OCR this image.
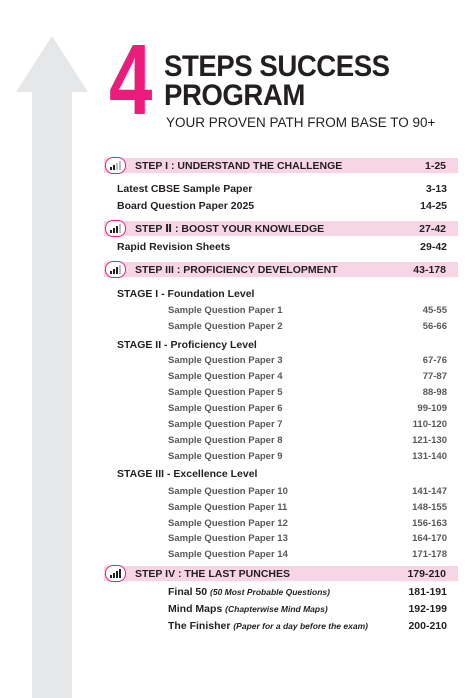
4 STEPS SUCCESS
PROGRAM
YOUR PROVEN PATH FROM BASE TO 90+
STEP I : UNDERSTAND THE CHALLENGE	1-25
Latest CBSE Sample Paper	3-13
Board Question Paper 2025	14-25
STEP Ⅱ : BOOST YOUR KNOWLEDGE	27-42
Rapid Revision Sheets	29-42
STEP III : PROFICIENCY DEVELOPMENT	43-178
STAGE I - Foundation Level
Sample Question Paper 1	45-55
Sample Question Paper 2	56-66
STAGE II - Proficiency Level
Sample Question Paper 3	67-76
Sample Question Paper 4	77-87
Sample Question Paper 5	88-98
Sample Question Paper 6	99-109
Sample Question Paper 7	110-120
Sample Question Paper 8	121-130
Sample Question Paper 9	131-140
STAGE III - Excellence Level
Sample Question Paper 10	141-147
Sample Question Paper 11	148-155
Sample Question Paper 12	156-163
Sample Question Paper 13	164-170
Sample Question Paper 14	171-178
STEP IV : THE LAST PUNCHES	179-210
Final 50 (50 Most Probable Questions)	181-191
Mind Maps (Chapterwise Mind Maps)	192-199
The Finisher (Paper for a day before the exam)	200-210
